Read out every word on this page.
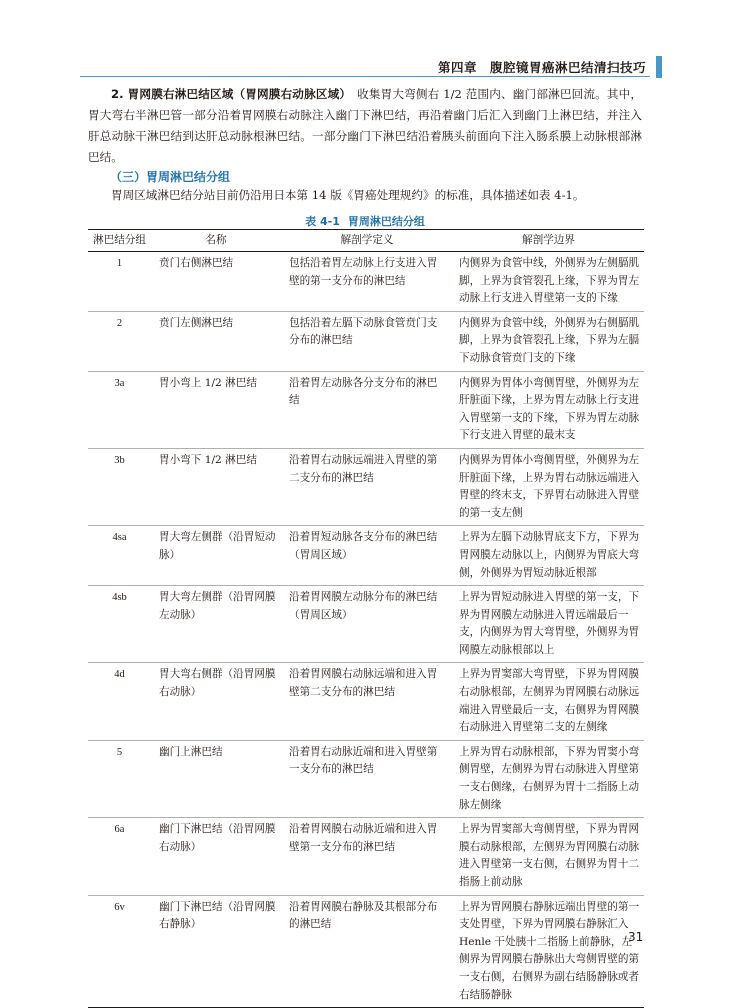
第四章　腹腔镜胃癌淋巴结清扫技巧

2. 胃网膜右淋巴结区域（胃网膜右动脉区域）　 收集胃大弯侧右 1/2 范围内、幽门部淋巴回流。其中，胃大弯右半淋巴管一部分沿着胃网膜右动脉注入幽门下淋巴结，再沿着幽门后汇入到幽门上淋巴结，并注入肝总动脉干淋巴结到达肝总动脉根淋巴结。一部分幽门下淋巴结沿着胰头前面向下注入肠系膜上动脉根部淋巴结。

（三）胃周淋巴结分组

胃周区域淋巴结分站目前仍沿用日本第 14 版《胃癌处理规约》的标准，具体描述如表 4-1。

表 4-1 胃周淋巴结分组
淋巴结分组	名称	解剖学定义	解剖学边界
1	贲门右侧淋巴结	包括沿着胃左动脉上行支进入胃壁的第一支分布的淋巴结	内侧界为食管中线，外侧界为左侧膈肌脚，上界为食管裂孔上缘，下界为胃左动脉上行支进入胃壁第一支的下缘
2	贲门左侧淋巴结	包括沿着左膈下动脉食管贲门支分布的淋巴结	内侧界为食管中线，外侧界为右侧膈肌脚，上界为食管裂孔上缘，下界为左膈下动脉食管贲门支的下缘
3a	胃小弯上 1/2 淋巴结	沿着胃左动脉各分支分布的淋巴结	内侧界为胃体小弯侧胃壁，外侧界为左肝脏面下缘，上界为胃左动脉上行支进入胃壁第一支的下缘，下界为胃左动脉下行支进入胃壁的最末支
3b	胃小弯下 1/2 淋巴结	沿着胃右动脉远端进入胃壁的第二支分布的淋巴结	内侧界为胃体小弯侧胃壁，外侧界为左肝脏面下缘，上界为胃右动脉远端进入胃壁的终末支，下界胃右动脉进入胃壁的第一支左侧
4sa	胃大弯左侧群（沿胃短动脉）	沿着胃短动脉各支分布的淋巴结（胃周区域）	上界为左膈下动脉胃底支下方，下界为胃网膜左动脉以上，内侧界为胃底大弯侧，外侧界为胃短动脉近根部
4sb	胃大弯左侧群（沿胃网膜左动脉）	沿着胃网膜左动脉分布的淋巴结（胃周区域）	上界为胃短动脉进入胃壁的第一支，下界为胃网膜左动脉进入胃远端最后一支，内侧界为胃大弯胃壁，外侧界为胃网膜左动脉根部以上
4d	胃大弯右侧群（沿胃网膜右动脉）	沿着胃网膜右动脉远端和进入胃壁第二支分布的淋巴结	上界为胃窦部大弯胃壁，下界为胃网膜右动脉根部，左侧界为胃网膜右动脉远端进入胃壁最后一支，右侧界为胃网膜右动脉进入胃壁第二支的左侧缘
5	幽门上淋巴结	沿着胃右动脉近端和进入胃壁第一支分布的淋巴结	上界为胃右动脉根部，下界为胃窦小弯侧胃壁，左侧界为胃右动脉进入胃壁第一支右侧缘，右侧界为胃十二指肠上动脉左侧缘
6a	幽门下淋巴结（沿胃网膜右动脉）	沿着胃网膜右动脉近端和进入胃壁第一支分布的淋巴结	上界为胃窦部大弯侧胃壁，下界为胃网膜右动脉根部，左侧界为胃网膜右动脉进入胃壁第一支右侧，右侧界为胃十二指肠上前动脉
6v	幽门下淋巴结（沿胃网膜右静脉）	沿着胃网膜右静脉及其根部分布的淋巴结	上界为胃网膜右静脉远端出胃壁的第一支处胃壁，下界为胃网膜右静脉汇入Henle 干处胰十二指肠上前静脉，左侧界为胃网膜右静脉出大弯侧胃壁的第一支右侧，右侧界为副右结肠静脉或者右结肠静脉
31
